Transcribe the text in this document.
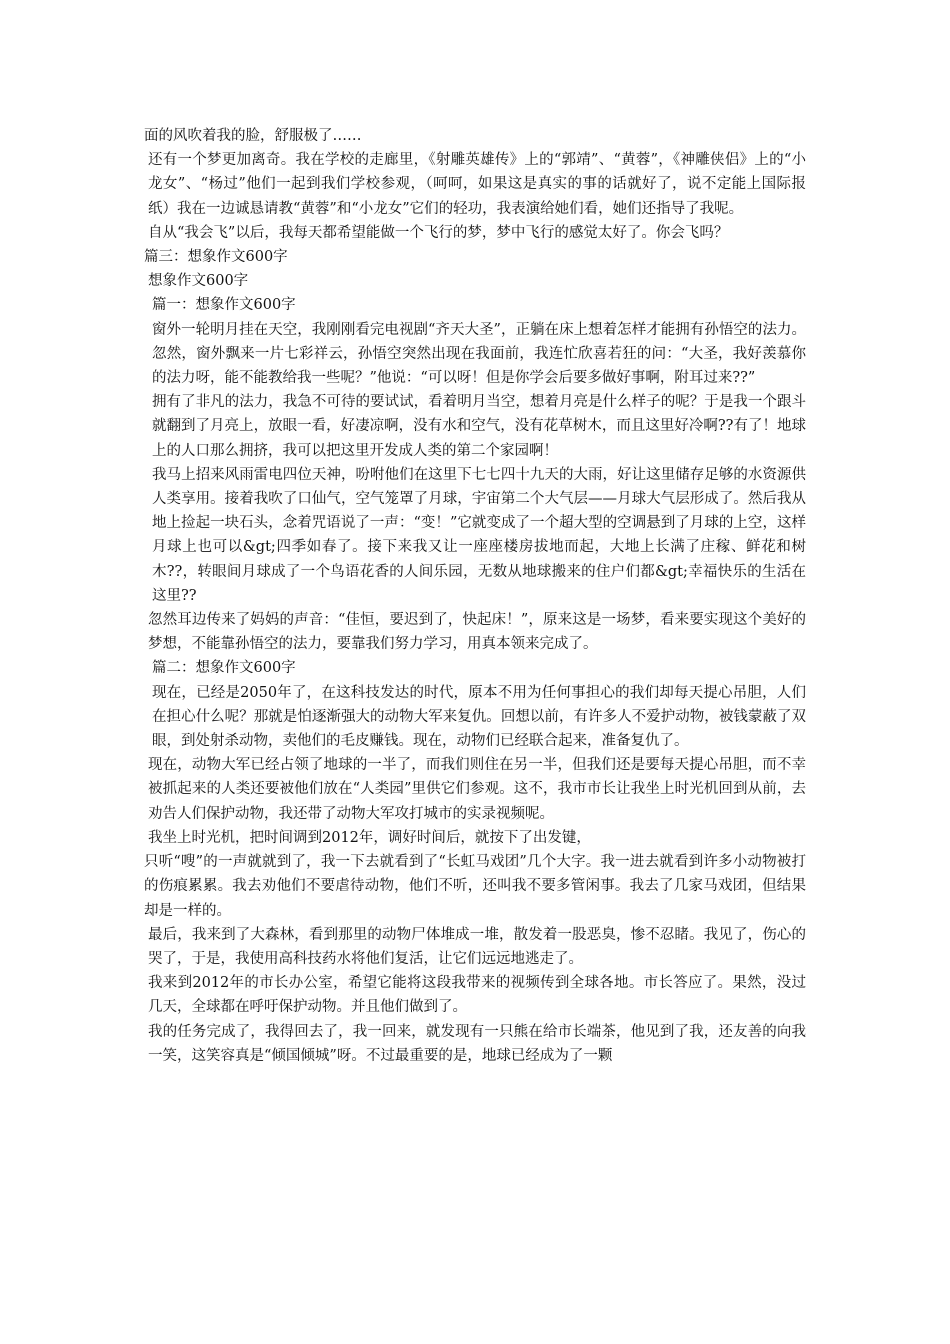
面的风吹着我的脸，舒服极了……

还有一个梦更加离奇。我在学校的走廊里，《射雕英雄传》上的“郭靖”、“黄蓉”，《神雕侠侣》上的“小龙女”、“杨过”他们一起到我们学校参观，（呵呵，如果这是真实的事的话就好了，说不定能上国际报纸）我在一边诚恳请教“黄蓉”和“小龙女”它们的轻功，我表演给她们看，她们还指导了我呢。

自从“我会飞”以后，我每天都希望能做一个飞行的梦，梦中飞行的感觉太好了。你会飞吗？

篇三：想象作文600字

想象作文600字

篇一：想象作文600字

窗外一轮明月挂在天空，我刚刚看完电视剧“齐天大圣”，正躺在床上想着怎样才能拥有孙悟空的法力。忽然，窗外飘来一片七彩祥云，孙悟空突然出现在我面前，我连忙欣喜若狂的问：“大圣，我好羡慕你的法力呀，能不能教给我一些呢？”他说：“可以呀！但是你学会后要多做好事啊，附耳过来??”

拥有了非凡的法力，我急不可待的要试试，看着明月当空，想着月亮是什么样子的呢？于是我一个跟斗就翻到了月亮上，放眼一看，好凄凉啊，没有水和空气，没有花草树木，而且这里好冷啊??有了！地球上的人口那么拥挤，我可以把这里开发成人类的第二个家园啊！

我马上招来风雨雷电四位天神，吩咐他们在这里下七七四十九天的大雨，好让这里储存足够的水资源供人类享用。接着我吹了口仙气，空气笼罩了月球，宇宙第二个大气层——月球大气层形成了。然后我从地上捡起一块石头，念着咒语说了一声：“变！”它就变成了一个超大型的空调悬到了月球的上空，这样月球上也可以&gt;四季如春了。接下来我又让一座座楼房拔地而起，大地上长满了庄稼、鲜花和树木??，转眼间月球成了一个鸟语花香的人间乐园，无数从地球搬来的住户们都&gt;幸福快乐的生活在这里??

忽然耳边传来了妈妈的声音：“佳恒，要迟到了，快起床！”，原来这是一场梦，看来要实现这个美好的梦想，不能靠孙悟空的法力，要靠我们努力学习，用真本领来完成了。

篇二：想象作文600字

现在，已经是2050年了，在这科技发达的时代，原本不用为任何事担心的我们却每天提心吊胆，人们在担心什么呢？那就是怕逐渐强大的动物大军来复仇。回想以前，有许多人不爱护动物，被钱蒙蔽了双眼，到处射杀动物，卖他们的毛皮赚钱。现在，动物们已经联合起来，准备复仇了。

现在，动物大军已经占领了地球的一半了，而我们则住在另一半，但我们还是要每天提心吊胆，而不幸被抓起来的人类还要被他们放在“人类园”里供它们参观。这不，我市市长让我坐上时光机回到从前，去劝告人们保护动物，我还带了动物大军攻打城市的实录视频呢。

我坐上时光机，把时间调到2012年，调好时间后，就按下了出发键，

只听“嗖”的一声就就到了，我一下去就看到了“长虹马戏团”几个大字。我一进去就看到许多小动物被打的伤痕累累。我去劝他们不要虐待动物，他们不听，还叫我不要多管闲事。我去了几家马戏团，但结果却是一样的。

最后，我来到了大森林，看到那里的动物尸体堆成一堆，散发着一股恶臭，惨不忍睹。我见了，伤心的哭了，于是，我使用高科技药水将他们复活，让它们远远地逃走了。

我来到2012年的市长办公室，希望它能将这段我带来的视频传到全球各地。市长答应了。果然，没过几天，全球都在呼吁保护动物。并且他们做到了。

我的任务完成了，我得回去了，我一回来，就发现有一只熊在给市长端茶，他见到了我，还友善的向我一笑，这笑容真是“倾国倾城”呀。不过最重要的是，地球已经成为了一颗
